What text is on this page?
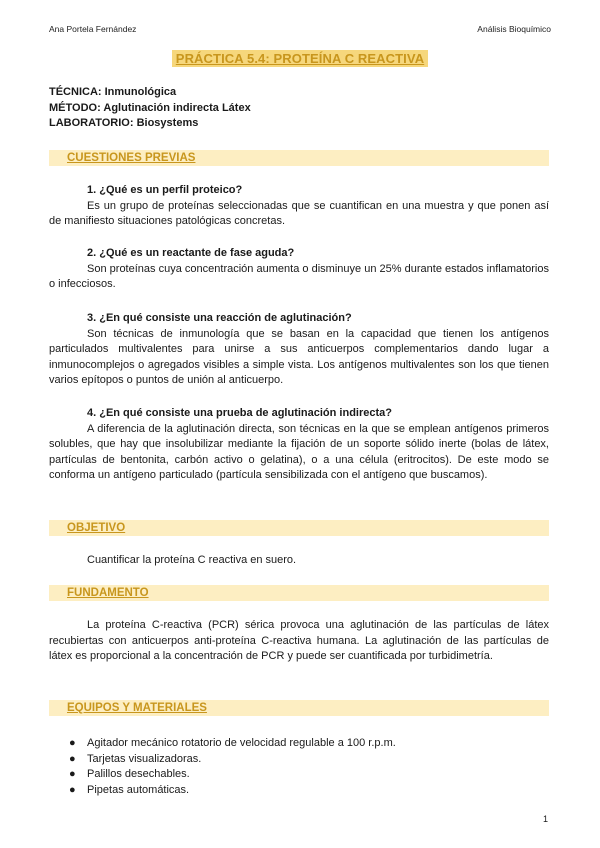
Ana Portela Fernández	Análisis Bioquímico
PRÁCTICA 5.4: PROTEÍNA C REACTIVA
TÉCNICA: Inmunológica
MÉTODO: Aglutinación indirecta Látex
LABORATORIO: Biosystems
CUESTIONES PREVIAS
1. ¿Qué es un perfil proteico?
Es un grupo de proteínas seleccionadas que se cuantifican en una muestra y que ponen así de manifiesto situaciones patológicas concretas.
2. ¿Qué es un reactante de fase aguda?
Son proteínas cuya concentración aumenta o disminuye un 25% durante estados inflamatorios o infecciosos.
3. ¿En qué consiste una reacción de aglutinación?
Son técnicas de inmunología que se basan en la capacidad que tienen los antígenos particulados multivalentes para unirse a sus anticuerpos complementarios dando lugar a inmunocomplejos o agregados visibles a simple vista. Los antígenos multivalentes son los que tienen varios epítopos o puntos de unión al anticuerpo.
4. ¿En qué consiste una prueba de aglutinación indirecta?
A diferencia de la aglutinación directa, son técnicas en la que se emplean antígenos primeros solubles, que hay que insolubilizar mediante la fijación de un soporte sólido inerte (bolas de látex, partículas de bentonita, carbón activo o gelatina), o a una célula (eritrocitos). De este modo se conforma un antígeno particulado (partícula sensibilizada con el antígeno que buscamos).
OBJETIVO
Cuantificar la proteína C reactiva en suero.
FUNDAMENTO
La proteína C-reactiva (PCR) sérica provoca una aglutinación de las partículas de látex recubiertas con anticuerpos anti-proteína C-reactiva humana. La aglutinación de las partículas de látex es proporcional a la concentración de PCR y puede ser cuantificada por turbidimetría.
EQUIPOS Y MATERIALES
● Agitador mecánico rotatorio de velocidad regulable a 100 r.p.m.
● Tarjetas visualizadoras.
● Palillos desechables.
● Pipetas automáticas.
1
